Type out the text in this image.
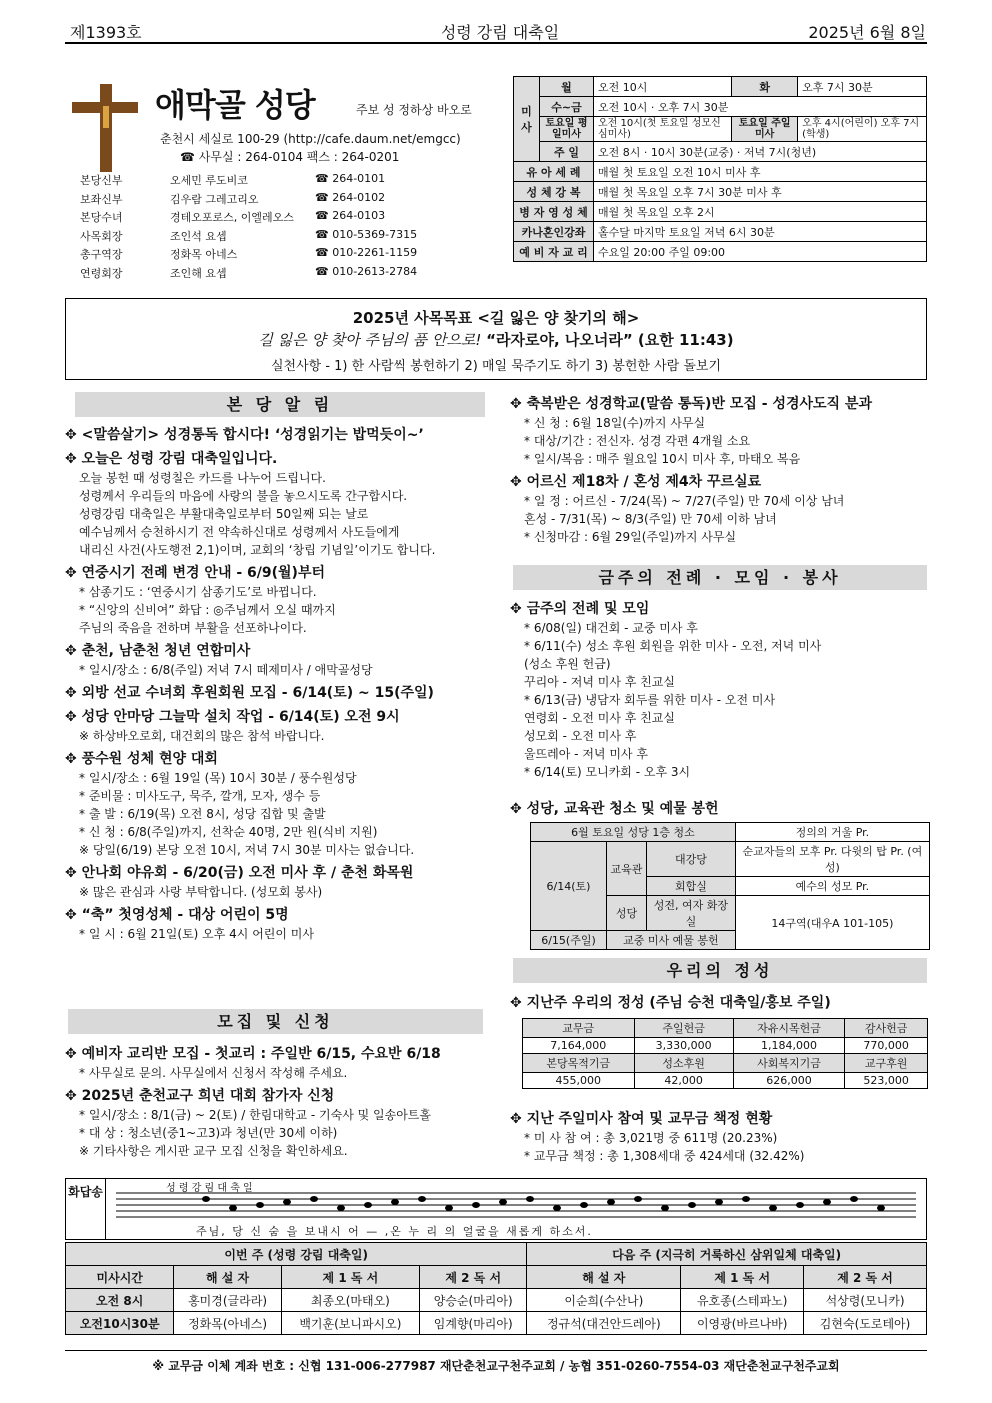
제1393호	성령 강림 대축일	2025년 6월 8일
애막골 성당	주보 성 정하상 바오로
춘천시 세실로 100-29 (http://cafe.daum.net/emgcc)
☎ 사무실 : 264-0104 팩스 : 264-0201
본당신부	오세민 루도비코	☎ 264-0101
보좌신부	김우람 그레고리오	☎ 264-0102
본당수녀	경테오포로스, 이엘레오스 ☎ 264-0103
사목회장	조인석 요셉	☎ 010-5369-7315
총구역장	정화목 아네스	☎ 010-2261-1159
연령회장	조인해 요셉	☎ 010-2613-2784
미 사	월	오전 10시	화	오후 7시 30분
	수~금	오전 10시 · 오후 7시 30분		
	토요일 평일미사	오전 10시(첫 토요일 성모신심미사)	토요일 주일미사	오후 4시(어린이) 오후 7시(학생)
	주 일	오전 8시 · 10시 30분(교중) · 저녁 7시(청년)		
유 아 세 례		매월 첫 토요일 오전 10시 미사 후		
성 체 강 복		매월 첫 목요일 오후 7시 30분 미사 후		
병 자 영 성 체		매월 첫 목요일 오후 2시		
카나혼인강좌		홀수달 마지막 토요일 저녁 6시 30분		
예 비 자 교 리		수요일 20:00 주일 09:00		
2025년 사목목표 <길 잃은 양 찾기의 해>
길 잃은 양 찾아 주님의 품 안으로! “라자로야, 나오너라” (요한 11:43)
실천사항 - 1) 한 사람씩 봉헌하기 2) 매일 묵주기도 하기 3) 봉헌한 사람 돌보기
본 당 알 림
✥ <말씀살기> 성경통독 합시다! ‘성경읽기는 밥먹듯이~’
✥ 오늘은 성령 강림 대축일입니다.
오늘 봉헌 때 성령칠은 카드를 나누어 드립니다.
성령께서 우리들의 마음에 사랑의 불을 놓으시도록 간구합시다.
성령강림 대축일은 부활대축일로부터 50일째 되는 날로
예수님께서 승천하시기 전 약속하신대로 성령께서 사도들에게
내리신 사건(사도행전 2,1)이며, 교회의 ‘창립 기념일’이기도 합니다.
✥ 연중시기 전례 변경 안내 - 6/9(월)부터
* 삼종기도 : ‘연중시기 삼종기도’로 바뀝니다.
* “신앙의 신비여” 화답 : ◎주님께서 오실 때까지
주님의 죽음을 전하며 부활을 선포하나이다.
✥ 춘천, 남춘천 청년 연합미사
* 일시/장소 : 6/8(주일) 저녁 7시 떼제미사 / 애막골성당
✥ 외방 선교 수녀회 후원회원 모집 - 6/14(토) ~ 15(주일)
✥ 성당 안마당 그늘막 설치 작업 - 6/14(토) 오전 9시
※ 하상바오로회, 대건회의 많은 참석 바랍니다.
✥ 풍수원 성체 현양 대회
* 일시/장소 : 6월 19일 (목) 10시 30분 / 풍수원성당
* 준비물 : 미사도구, 묵주, 깔개, 모자, 생수 등
* 출 발 : 6/19(목) 오전 8시, 성당 집합 및 출발
* 신 청 : 6/8(주일)까지, 선착순 40명, 2만 원(식비 지원)
※ 당일(6/19) 본당 오전 10시, 저녁 7시 30분 미사는 없습니다.
✥ 안나회 야유회 - 6/20(금) 오전 미사 후 / 춘천 화목원
※ 많은 관심과 사랑 부탁합니다. (성모회 봉사)
✥ “축” 첫영성체 - 대상 어린이 5명
* 일 시 : 6월 21일(토) 오후 4시 어린이 미사
모집 및 신청
✥ 예비자 교리반 모집 - 첫교리 : 주일반 6/15, 수요반 6/18
* 사무실로 문의. 사무실에서 신청서 작성해 주세요.
✥ 2025년 춘천교구 희년 대회 참가자 신청
* 일시/장소 : 8/1(금) ~ 2(토) / 한림대학교 - 기숙사 및 일송아트홀
* 대 상 : 청소년(중1~고3)과 청년(만 30세 이하)
※ 기타사항은 게시판 교구 모집 신청을 확인하세요.
✥ 축복받은 성경학교(말씀 통독)반 모집 - 성경사도직 분과
* 신 청 : 6월 18일(수)까지 사무실
* 대상/기간 : 전신자. 성경 각편 4개월 소요
* 일시/복음 : 매주 월요일 10시 미사 후, 마태오 복음
✥ 어르신 제18차 / 혼성 제4차 꾸르실료
* 일 정 : 어르신 - 7/24(목) ~ 7/27(주일) 만 70세 이상 남녀
혼성 - 7/31(목) ~ 8/3(주일) 만 70세 이하 남녀
* 신청마감 : 6월 29일(주일)까지 사무실
금주의 전례 · 모임 · 봉사
✥ 금주의 전례 및 모임
* 6/08(일) 대건회 - 교중 미사 후
* 6/11(수) 성소 후원 회원을 위한 미사 - 오전, 저녁 미사
(성소 후원 헌금)
꾸리아 - 저녁 미사 후 친교실
* 6/13(금) 냉담자 회두를 위한 미사 - 오전 미사
연령회 - 오전 미사 후 친교실
성모회 - 오전 미사 후
울뜨레아 - 저녁 미사 후
* 6/14(토) 모니카회 - 오후 3시
✥ 성당, 교육관 청소 및 예물 봉헌
6월 토요일 성당 1층 청소			정의의 거울 Pr.
6/14(토)	교육관	대강당	순교자들의 모후 Pr. 다윗의 탑 Pr. (여성)
		회합실	예수의 성모 Pr.
	성당	성전, 여자 화장실	14구역(대우A 101-105)
6/15(주일)	교중 미사 예물 봉헌		
우리의 정성
✥ 지난주 우리의 정성 (주님 승천 대축일/홍보 주일)
교무금	주일헌금	자유시목헌금	감사헌금
7,164,000	3,330,000	1,184,000	770,000
본당목적기금	성소후원	사회복지기금	교구후원
455,000	42,000	626,000	523,000
✥ 지난 주일미사 참여 및 교무금 책정 현황
* 미 사 참 여 : 총 3,021명 중 611명 (20.23%)
* 교무금 책정 : 총 1,308세대 중 424세대 (32.42%)
화답송	성 령 강 림 대 축 일
주님, 당 신 숨 을 보내시 어 — ,온 누 리 의 얼굴을 새롭게 하소서.
이번 주 (성령 강림 대축일)				다음 주 (지극히 거룩하신 삼위일체 대축일)		
미사시간	해 설 자	제 1 독 서	제 2 독 서	해 설 자	제 1 독 서	제 2 독 서
오전 8시	홍미경(글라라)	최종오(마태오)	양승순(마리아)	이순희(수산나)	유호종(스테파노)	석상령(모니카)
오전10시30분	정화목(아네스)	백기훈(보니파시오)	임계향(마리아)	정규석(대건안드레아)	이영광(바르나바)	김현숙(도로테아)
※ 교무금 이체 계좌 번호 : 신협 131-006-277987 재단춘천교구천주교회 / 농협 351-0260-7554-03 재단춘천교구천주교회
